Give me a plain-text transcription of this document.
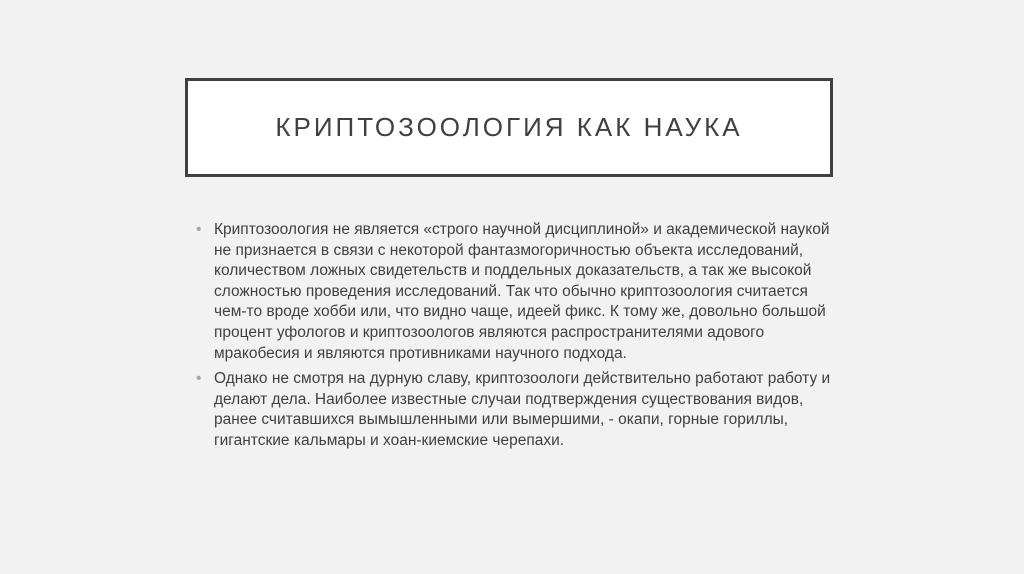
КРИПТОЗООЛОГИЯ КАК НАУКА
• Криптозоология не является «строго научной дисциплиной» и академической наукой не признается в связи с некоторой фантазмогоричностью объекта исследований, количеством ложных свидетельств и поддельных доказательств, а так же высокой сложностью проведения исследований. Так что обычно криптозоология считается чем-то вроде хобби или, что видно чаще, идеей фикс. К тому же, довольно большой процент уфологов и криптозоологов являются распространителями адового мракобесия и являются противниками научного подхода.
• Однако не смотря на дурную славу, криптозоологи действительно работают работу и делают дела. Наиболее известные случаи подтверждения существования видов, ранее считавшихся вымышленными или вымершими, - окапи, горные гориллы, гигантские кальмары и хоан-киемские черепахи.
